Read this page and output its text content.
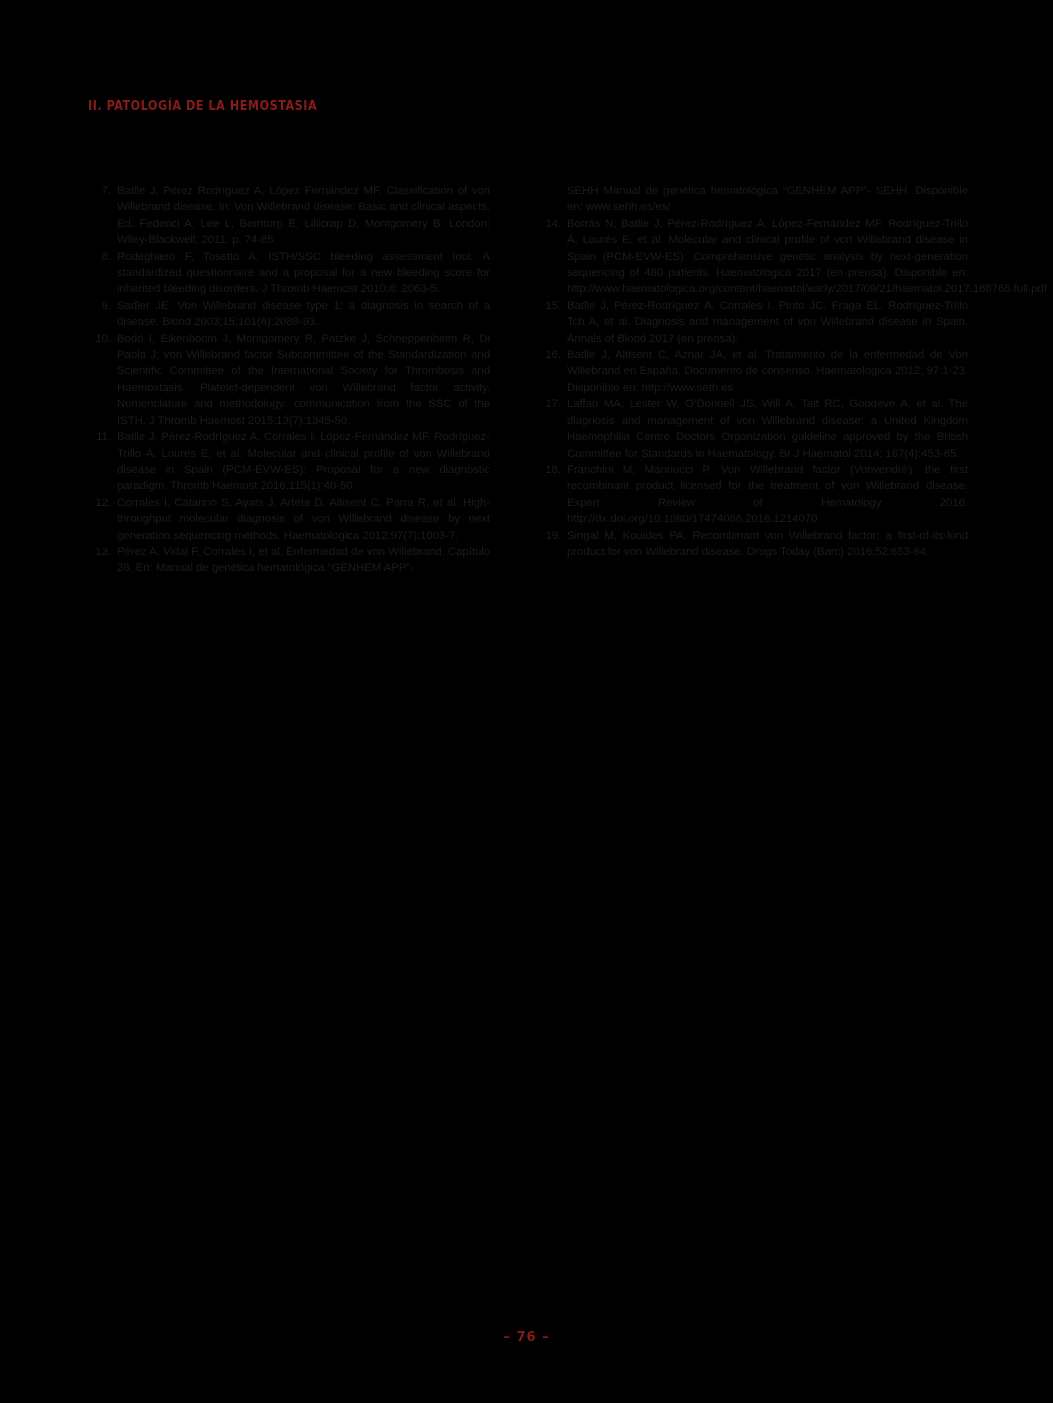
II. PATOLOGÍA DE LA HEMOSTASIA
7. Batlle J, Pérez Rodríguez A, López Fernández MF. Classification of von Willebrand disease. In: Von Willebrand disease: Basic and clinical aspects. Ed. Federici A, Lee L, Berntorp E, Lillicrap D, Montgomery B. London: Wiley-Blackwell; 2011. p. 74-85.
8. Rodeghiero F, Tosetto A. ISTH/SSC bleeding assessment tool: A standardized questionnaire and a proposal for a new bleeding score for inherited bleeding disorders. J Thromb Haemost 2010;8: 2063-5.
9. Sadler JE. Von Willebrand disease type 1: a diagnosis in search of a disease. Blood 2003;15;101(6):2089-93.
10. Bodó I, Eikenboom J, Montgomery R, Patzke J, Schneppenheim R, Di Paola J; von Willebrand factor Subcommittee of the Standardization and Scientific Committee of the International Society for Thrombosis and Haemostasis. Platelet-dependent von Willebrand factor activity. Nomenclature and methodology: communication from the SSC of the ISTH. J Thromb Haemost 2015;13(7):1345-50.
11. Batlle J, Pérez-Rodríguez A, Corrales I, López-Fernández MF, Rodríguez-Trillo Á, Lourés E, et al. Molecular and clinical profile of von Willebrand disease in Spain (PCM-EVW-ES): Proposal for a new diagnostic paradigm. Thromb Haemost 2016;115(1):40-50.
12. Corrales I, Catarino S, Ayats J, Arteta D, Altisent C, Parra R, et al. High-throughput molecular diagnosis of von Willebrand disease by next generation sequencing methods. Haematologica 2012;97(7):1003-7.
13. Pérez A, Vidal F, Corrales I, et al. Enfermedad de von Willebrand. Capítulo 28. En: Manual de genética hematológica “GENHEM APP”-
SEHH Manual de genética hematológica “GENHEM APP”- SEHH. Disponible en: www.sehh.es/es/
14. Borrás N, Batlle J, Pérez-Rodríguez A, López-Fernández MF, Rodríguez-Trillo Á, Lourés E, et al. Molecular and clinical profile of von Willebrand disease in Spain (PCM-EVW-ES): Comprehensive genetic analysis by next-generation sequencing of 480 patients. Haematologica 2017 (en prensa). Disponible en: http://www.haematologica.org/content/haematol/early/2017/09/21/haematol.2017.168765.full.pdf
15. Batlle J, Pérez-Rodríguez A, Corrales I, Pinto JC, Fraga EL, Rodríguez-Trillo Tch A, et al. Diagnosis and management of von Willebrand disease in Spain. Annals of Blood 2017 (en prensa).
16. Batlle J, Altisent C, Aznar JA, et al. Tratamiento de la enfermedad de Von Willebrand en España. Documento de consenso. Haematologica 2012; 97:1-23. Disponible en: http://www.seth.es
17. Laffan MA, Lester W, O’Donnell JS, Will A, Tait RC, Goodeve A, et al. The diagnosis and management of von Willebrand disease: a United Kingdom Haemophilia Centre Doctors Organization guideline approved by the British Committee for Standards in Haematology. Br J Haematol 2014; 167(4):453-65.
18. Franchini M, Mannucci P. Von Willebrand factor (Vonvendi®): the first recombinant product licensed for the treatment of von Willebrand disease. Expert Review of Hematology 2016. http://dx.doi.org/10.1080/17474086.2016.1214070
19. Singal M, Kouides PA. Recombinant von Willebrand factor: a first-of-its-kind product for von Willebrand disease. Drugs Today (Barc) 2016;52:653-64.
– 76 –
